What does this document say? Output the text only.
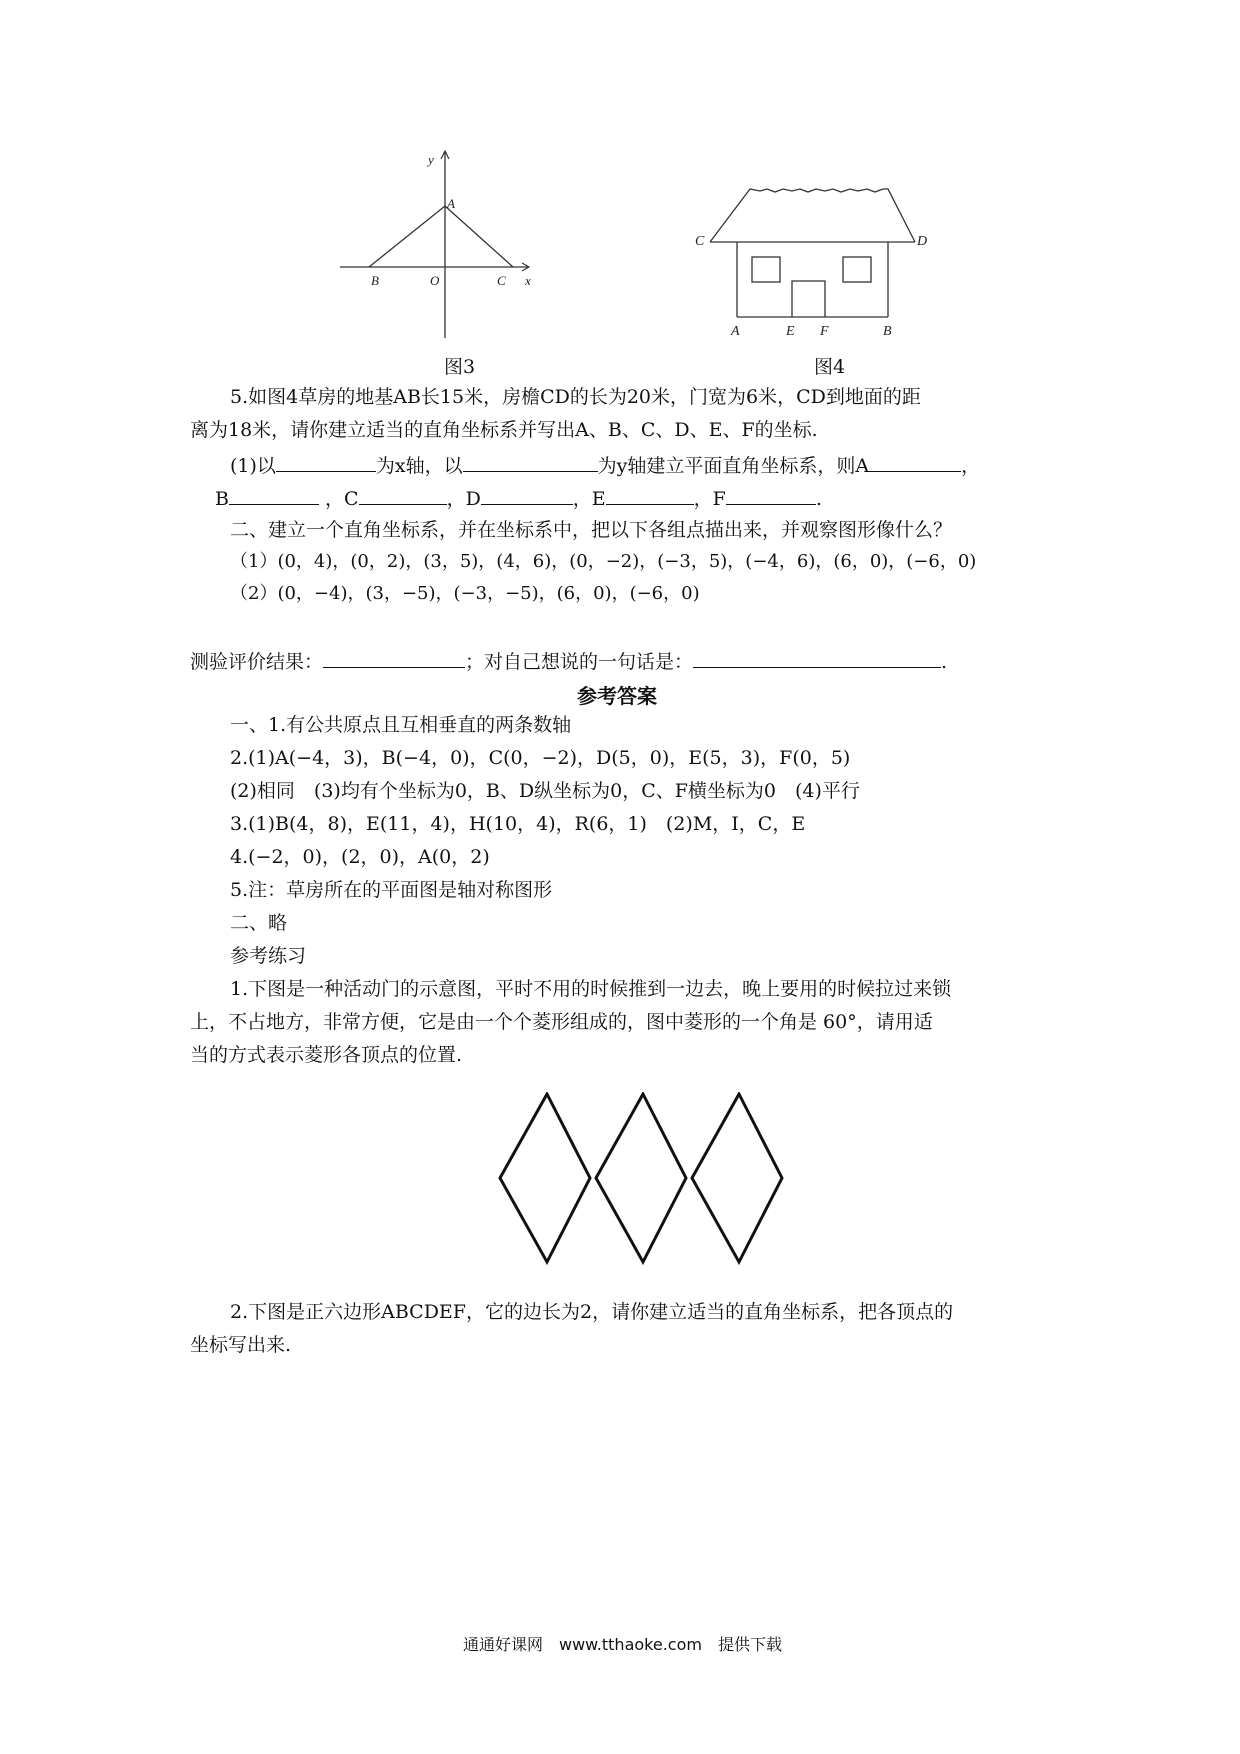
y
x
A
B	O	C
图3
C	D
A	E F	B
图4
5.如图4草房的地基AB长15米，房檐CD的长为20米，门宽为6米，CD到地面的距
离为18米，请你建立适当的直角坐标系并写出A、B、C、D、E、F的坐标.
(1)以	为x轴，以	为y轴建立平面直角坐标系，则A	，
B	，C	，D	，E	，F	.
二、建立一个直角坐标系，并在坐标系中，把以下各组点描出来，并观察图形像什么？
（1）(0，4)，(0，2)，(3，5)，(4，6)，(0，−2)，(−3，5)，(−4，6)，(6，0)，(−6，0)
（2）(0，−4)，(3，−5)，(−3，−5)，(6，0)，(−6，0)
测验评价结果：	；对自己想说的一句话是：	.
参考答案
一、1.有公共原点且互相垂直的两条数轴
2.(1)A(−4，3)，B(−4，0)，C(0，−2)，D(5，0)，E(5，3)，F(0，5)
(2)相同　(3)均有个坐标为0，B、D纵坐标为0，C、F横坐标为0　(4)平行
3.(1)B(4，8)，E(11，4)，H(10，4)，R(6，1)　(2)M，I，C，E
4.(−2，0)，(2，0)，A(0，2)
5.注：草房所在的平面图是轴对称图形
二、略
参考练习
1.下图是一种活动门的示意图，平时不用的时候推到一边去，晚上要用的时候拉过来锁
上，不占地方，非常方便，它是由一个个菱形组成的，图中菱形的一个角是 60°，请用适
当的方式表示菱形各顶点的位置.
2.下图是正六边形ABCDEF，它的边长为2，请你建立适当的直角坐标系，把各顶点的
坐标写出来.
通通好课网　www.tthaoke.com　提供下载
